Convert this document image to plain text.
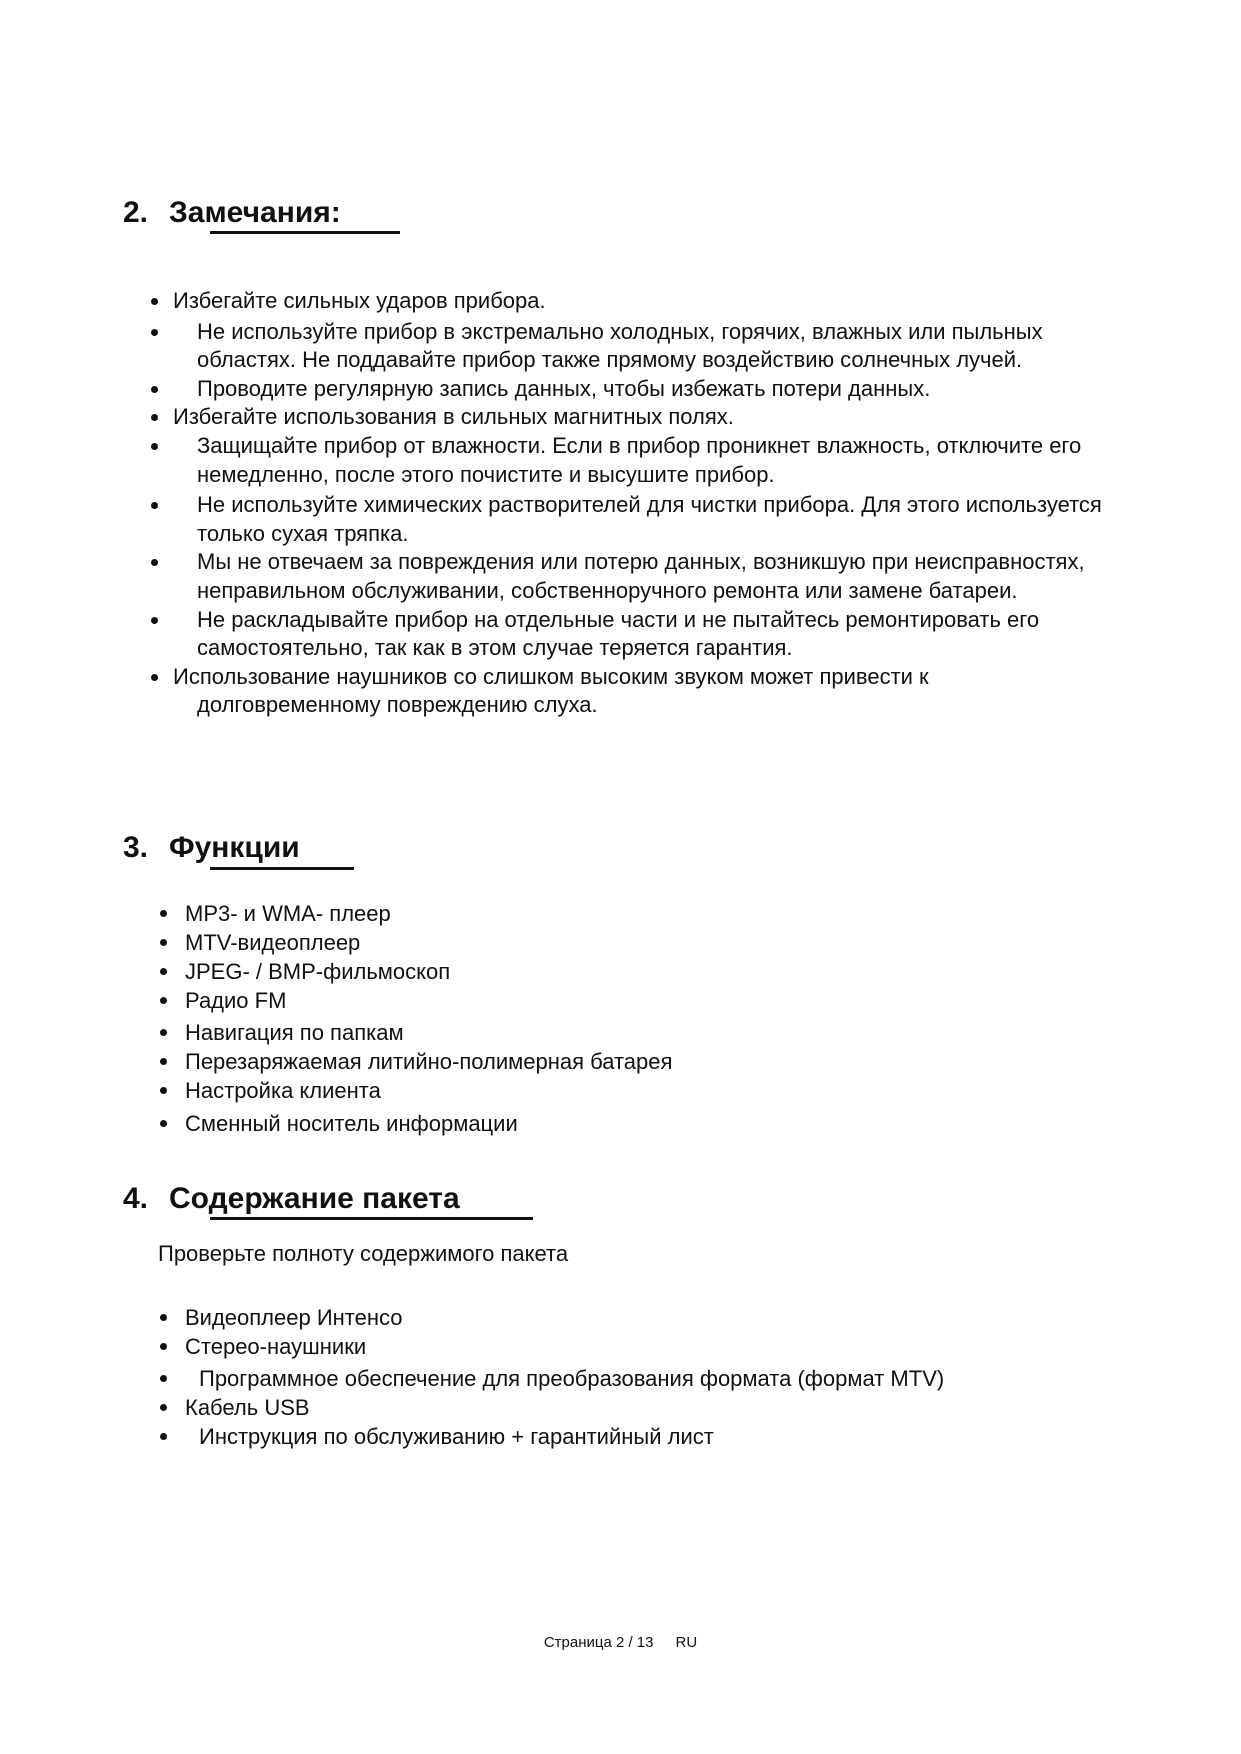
2. Замечания:
Избегайте сильных ударов прибора.
Не используйте прибор в экстремально холодных, горячих, влажных или пыльных областях. Не поддавайте прибор также прямому воздействию солнечных лучей.
Проводите регулярную запись данных, чтобы избежать потери данных.
Избегайте использования в сильных магнитных полях.
Защищайте прибор от влажности. Если в прибор проникнет влажность, отключите его немедленно, после этого почистите и высушите прибор.
Не используйте химических растворителей для чистки прибора. Для этого используется только сухая тряпка.
Мы не отвечаем за повреждения или потерю данных, возникшую при неисправностях, неправильном обслуживании, собственноручного ремонта или замене батареи.
Не раскладывайте прибор на отдельные части и не пытайтесь ремонтировать его самостоятельно, так как в этом случае теряется гарантия.
Использование наушников со слишком высоким звуком может привести к
долговременному повреждению слуха.
3. Функции
MP3- и WMA- плеер
MTV-видеоплеер
JPEG- / BMP-фильмоскоп
Радио FM
Навигация по папкам
Перезаряжаемая литийно-полимерная батарея
Настройка клиента
Сменный носитель информации
4. Содержание пакета

Проверьте полноту содержимого пакета

Видеоплеер Интенсо
Стерео-наушники
Программное обеспечение для преобразования формата (формат MTV)
Кабель USB
Инструкция по обслуживанию + гарантийный лист

Страница 2 / 13 RU
